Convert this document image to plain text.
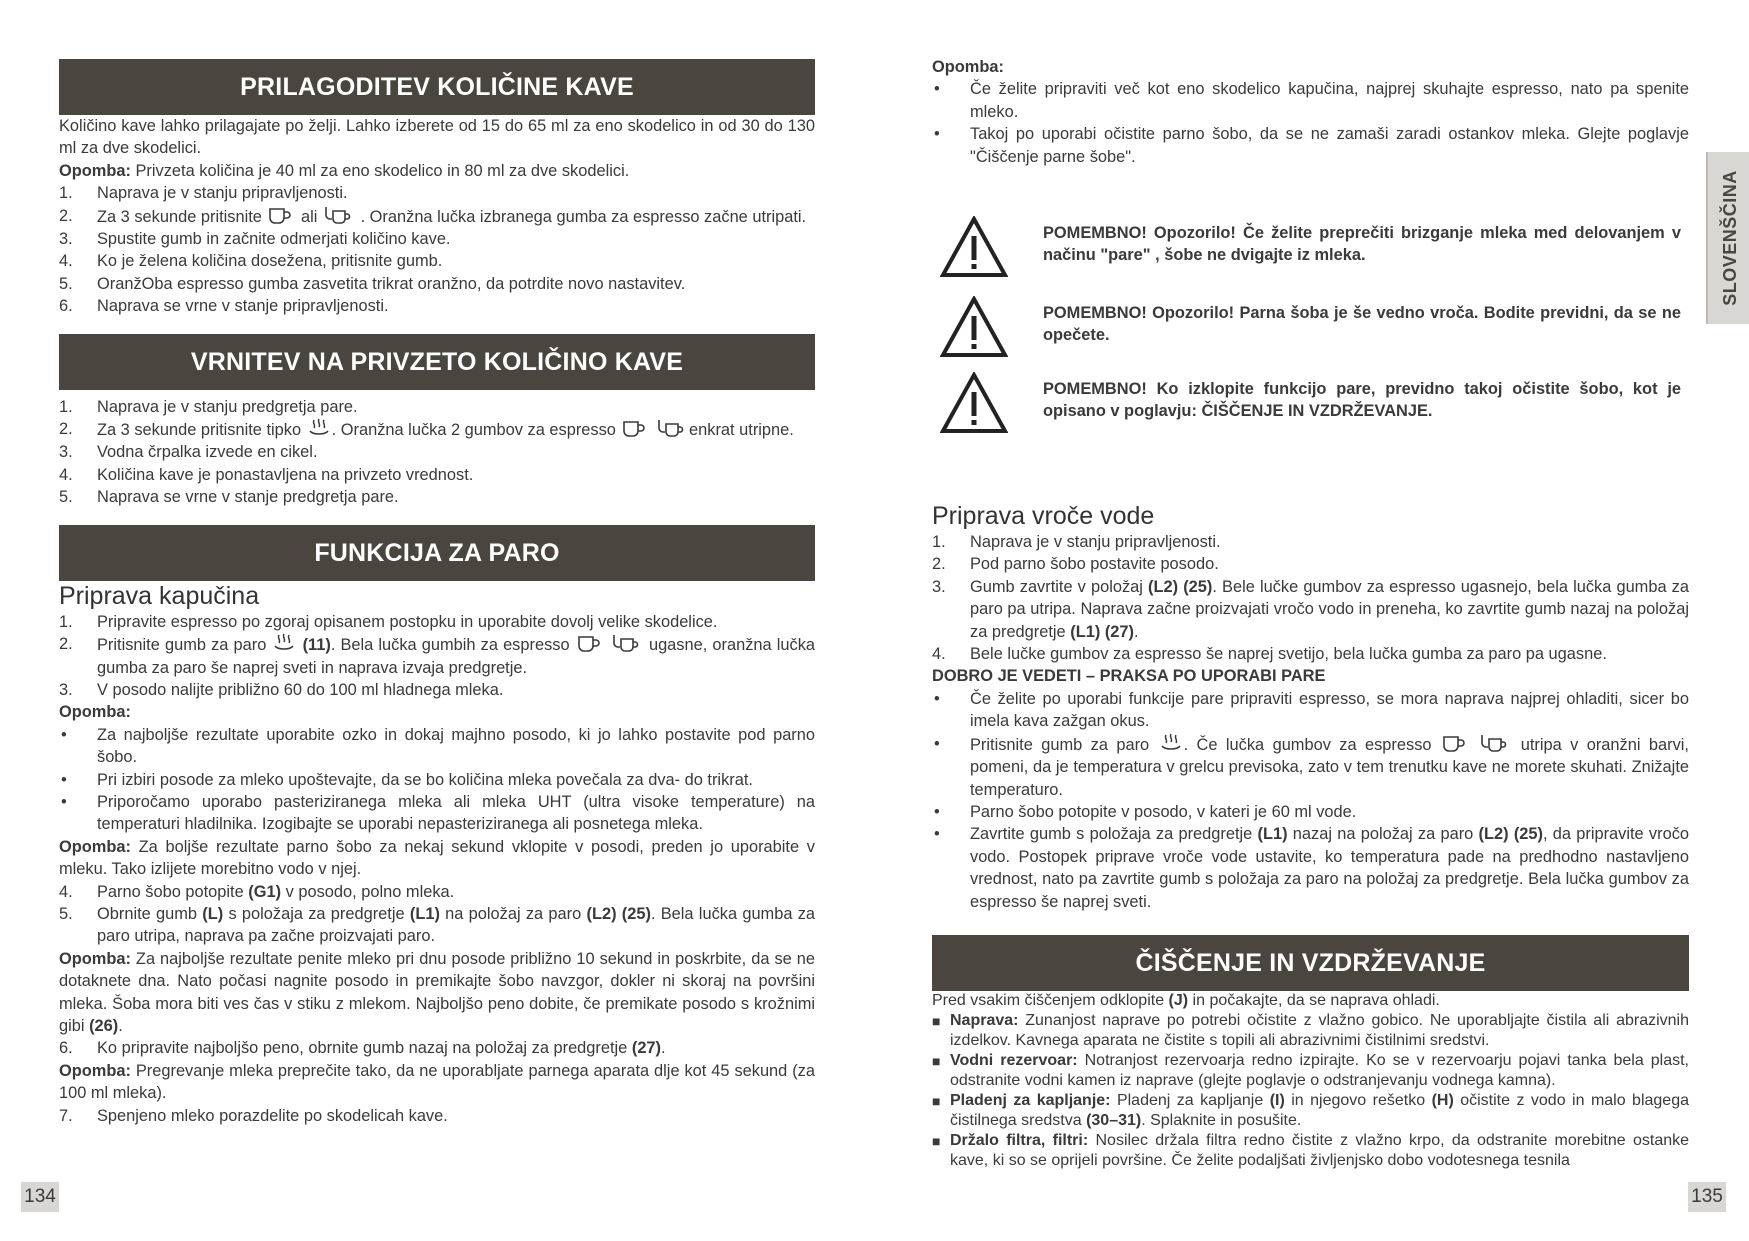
PRILAGODITEV KOLIČINE KAVE

Količino kave lahko prilagajate po želji. Lahko izberete od 15 do 65 ml za eno skodelico in od 30 do 130 ml za dve skodelici.

Opomba: Privzeta količina je 40 ml za eno skodelico in 80 ml za dve skodelici.

1. Naprava je v stanju pripravljenosti.
2. Za 3 sekunde pritisnite ali	. Oranžna lučka izbranega gumba za espresso začne utripati.
3. Spustite gumb in začnite odmerjati količino kave.
4. Ko je želena količina dosežena, pritisnite gumb.
5. OranžOba espresso gumba zasvetita trikrat oranžno, da potrdite novo nastavitev.
6. Naprava se vrne v stanje pripravljenosti.
VRNITEV NA PRIVZETO KOLIČINO KAVE
1. Naprava je v stanju predgretja pare.
2. Za 3 sekunde pritisnite tipko . Oranžna lučka 2 gumbov za espresso	enkrat utripne.
3. Vodna črpalka izvede en cikel.
4. Količina kave je ponastavljena na privzeto vrednost.
5. Naprava se vrne v stanje predgretja pare.
FUNKCIJA ZA PARO
Priprava kapučina
1. Pripravite espresso po zgoraj opisanem postopku in uporabite dovolj velike skodelice.
2. Pritisnite gumb za paro (11). Bela lučka gumbih za espresso	ugasne, oranžna lučka gumba za paro še naprej sveti in naprava izvaja predgretje.
3. V posodo nalijte približno 60 do 100 ml hladnega mleka.

Opomba:

• Za najboljše rezultate uporabite ozko in dokaj majhno posodo, ki jo lahko postavite pod parno šobo.
• Pri izbiri posode za mleko upoštevajte, da se bo količina mleka povečala za dva- do trikrat.
• Priporočamo uporabo pasteriziranega mleka ali mleka UHT (ultra visoke temperature) na temperaturi hladilnika. Izogibajte se uporabi nepasteriziranega ali posnetega mleka.

Opomba: Za boljše rezultate parno šobo za nekaj sekund vklopite v posodi, preden jo uporabite v mleku. Tako izlijete morebitno vodo v njej.

4. Parno šobo potopite (G1) v posodo, polno mleka.
5. Obrnite gumb (L) s položaja za predgretje (L1) na položaj za paro (L2) (25). Bela lučka gumba za paro utripa, naprava pa začne proizvajati paro.

Opomba: Za najboljše rezultate penite mleko pri dnu posode približno 10 sekund in poskrbite, da se ne dotaknete dna. Nato počasi nagnite posodo in premikajte šobo navzgor, dokler ni skoraj na površini mleka. Šoba mora biti ves čas v stiku z mlekom. Najboljšo peno dobite, če premikate posodo s krožnimi gibi (26).

6. Ko pripravite najboljšo peno, obrnite gumb nazaj na položaj za predgretje (27).

Opomba: Pregrevanje mleka preprečite tako, da ne uporabljate parnega aparata dlje kot 45 sekund (za 100 ml mleka).

7. Spenjeno mleko porazdelite po skodelicah kave.
134

Opomba:

• Če želite pripraviti več kot eno skodelico kapučina, najprej skuhajte espresso, nato pa spenite mleko.
• Takoj po uporabi očistite parno šobo, da se ne zamaši zaradi ostankov mleka. Glejte poglavje "Čiščenje parne šobe".

POMEMBNO! Opozorilo! Če želite preprečiti brizganje mleka med delovanjem v načinu "pare" , šobe ne dvigajte iz mleka.

POMEMBNO! Opozorilo! Parna šoba je še vedno vroča. Bodite previdni, da se ne opečete.

POMEMBNO! Ko izklopite funkcijo pare, previdno takoj očistite šobo, kot je opisano v poglavju: ČIŠČENJE IN VZDRŽEVANJE.

Priprava vroče vode
1. Naprava je v stanju pripravljenosti.
2. Pod parno šobo postavite posodo.
3. Gumb zavrtite v položaj (L2) (25). Bele lučke gumbov za espresso ugasnejo, bela lučka gumba za paro pa utripa. Naprava začne proizvajati vročo vodo in preneha, ko zavrtite gumb nazaj na položaj za predgretje (L1) (27).
4. Bele lučke gumbov za espresso še naprej svetijo, bela lučka gumba za paro pa ugasne.

DOBRO JE VEDETI – PRAKSA PO UPORABI PARE

• Če želite po uporabi funkcije pare pripraviti espresso, se mora naprava najprej ohladiti, sicer bo imela kava zažgan okus.
• Pritisnite gumb za paro . Če lučka gumbov za espresso	utripa v oranžni barvi, pomeni, da je temperatura v grelcu previsoka, zato v tem trenutku kave ne morete skuhati. Znižajte temperaturo.
• Parno šobo potopite v posodo, v kateri je 60 ml vode.
• Zavrtite gumb s položaja za predgretje (L1) nazaj na položaj za paro (L2) (25), da pripravite vročo vodo. Postopek priprave vroče vode ustavite, ko temperatura pade na predhodno nastavljeno vrednost, nato pa zavrtite gumb s položaja za paro na položaj za predgretje. Bela lučka gumbov za espresso še naprej sveti.
ČIŠČENJE IN VZDRŽEVANJE

Pred vsakim čiščenjem odklopite (J) in počakajte, da se naprava ohladi.

■ Naprava: Zunanjost naprave po potrebi očistite z vlažno gobico. Ne uporabljajte čistila ali abrazivnih izdelkov. Kavnega aparata ne čistite s topili ali abrazivnimi čistilnimi sredstvi.
■ Vodni rezervoar: Notranjost rezervoarja redno izpirajte. Ko se v rezervoarju pojavi tanka bela plast, odstranite vodni kamen iz naprave (glejte poglavje o odstranjevanju vodnega kamna).
■ Pladenj za kapljanje: Pladenj za kapljanje (I) in njegovo rešetko (H) očistite z vodo in malo blagega čistilnega sredstva (30–31). Splaknite in posušite.
■ Držalo filtra, filtri: Nosilec držala filtra redno čistite z vlažno krpo, da odstranite morebitne ostanke kave, ki so se oprijeli površine. Če želite podaljšati življenjsko dobo vodotesnega tesnila
135
SLOVENŠČINA
